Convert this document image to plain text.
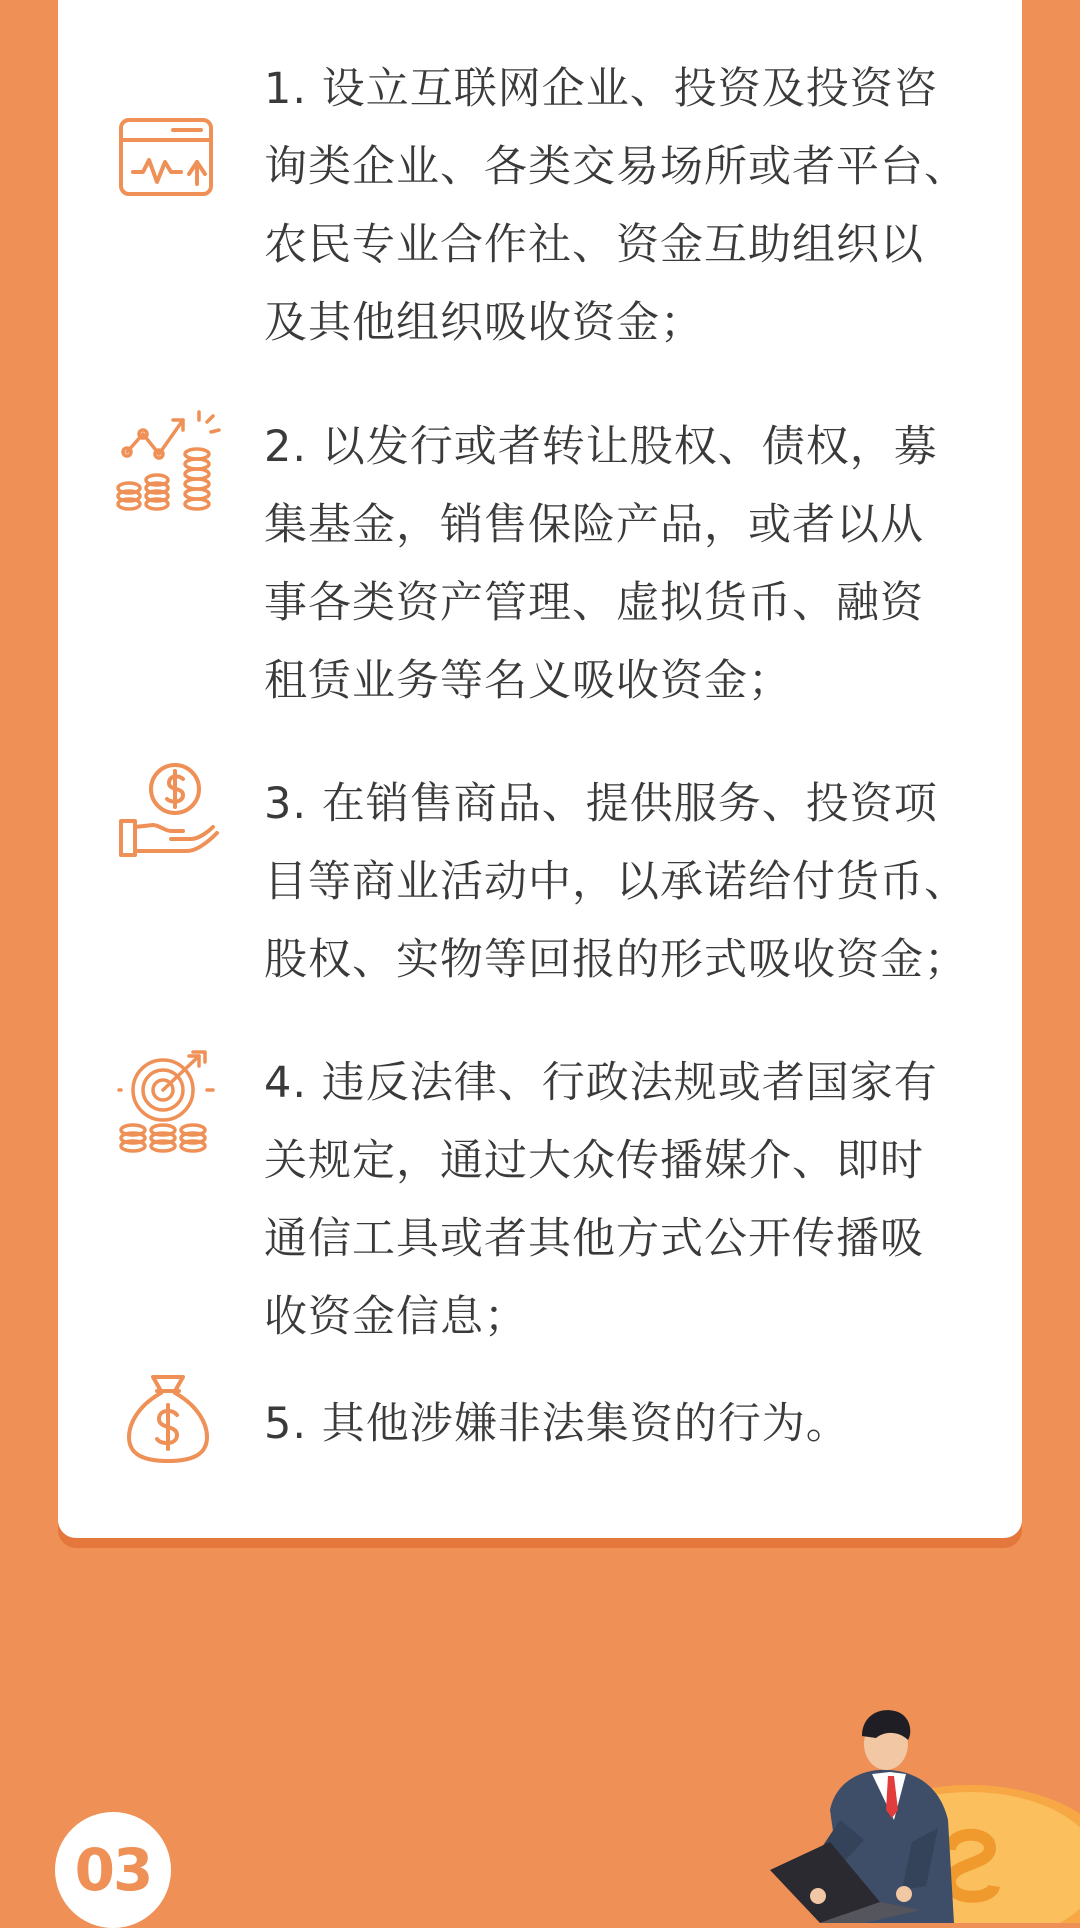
1. 设立互联网企业、投资及投资咨
询类企业、各类交易场所或者平台、
农民专业合作社、资金互助组织以
及其他组织吸收资金；
2. 以发行或者转让股权、债权，募
集基金，销售保险产品，或者以从
事各类资产管理、虚拟货币、融资
租赁业务等名义吸收资金；
3. 在销售商品、提供服务、投资项
目等商业活动中，以承诺给付货币、
股权、实物等回报的形式吸收资金；
4. 违反法律、行政法规或者国家有
关规定，通过大众传播媒介、即时
通信工具或者其他方式公开传播吸
收资金信息；
5. 其他涉嫌非法集资的行为。
03
